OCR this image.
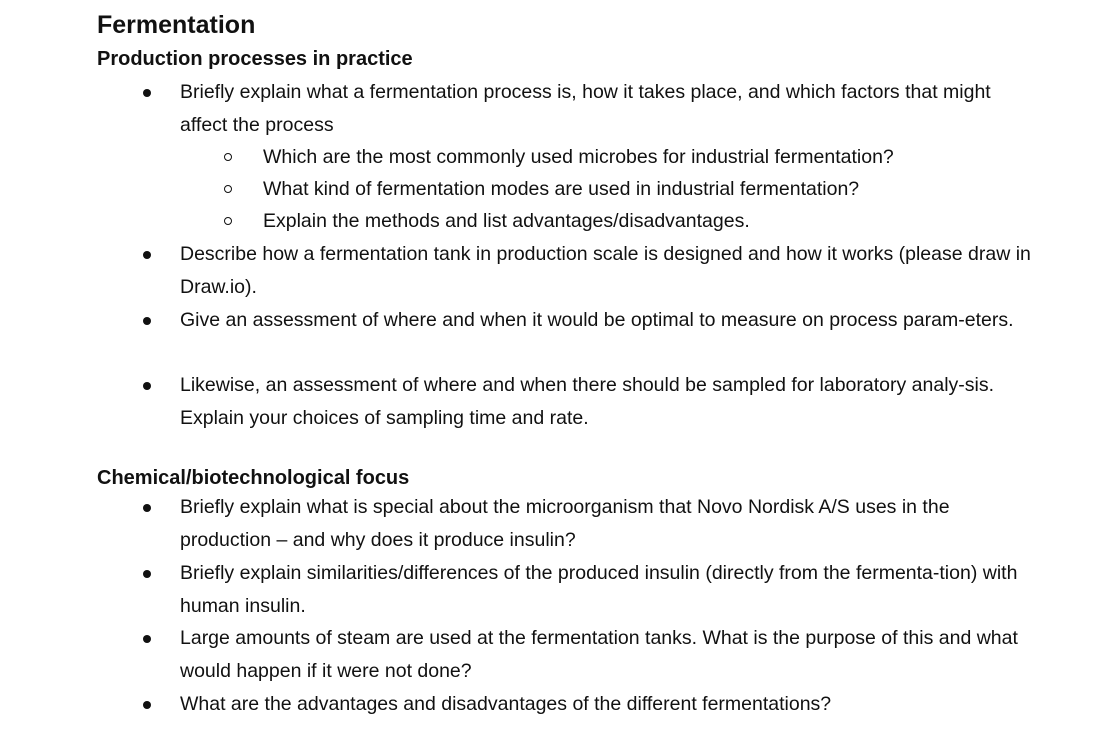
Fermentation
Production processes in practice

Briefly explain what a fermentation process is, how it takes place, and which factors that might affect the process

Which are the most commonly used microbes for industrial fermentation?

What kind of fermentation modes are used in industrial fermentation?

Explain the methods and list advantages/disadvantages.

Describe how a fermentation tank in production scale is designed and how it works (please draw in Draw.io).

Give an assessment of where and when it would be optimal to measure on process param-eters.

Likewise, an assessment of where and when there should be sampled for laboratory analy-sis. Explain your choices of sampling time and rate.

Chemical/biotechnological focus

Briefly explain what is special about the microorganism that Novo Nordisk A/S uses in the production – and why does it produce insulin?

Briefly explain similarities/differences of the produced insulin (directly from the fermenta-tion) with human insulin.

Large amounts of steam are used at the fermentation tanks. What is the purpose of this and what would happen if it were not done?

What are the advantages and disadvantages of the different fermentations?
